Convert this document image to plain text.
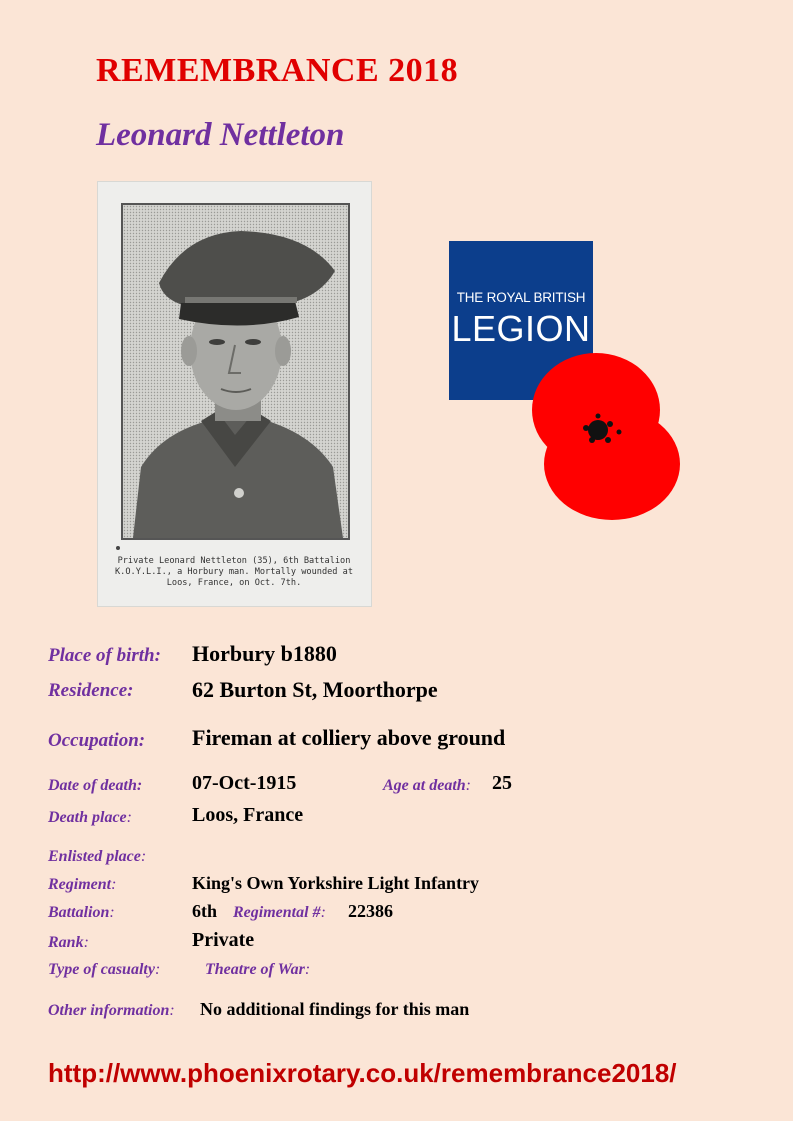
REMEMBRANCE 2018
Leonard Nettleton
Private Leonard Nettleton (35), 6th Battalion K.O.Y.L.I., a Horbury man. Mortally wounded at Loos, France, on Oct. 7th.
THE ROYAL BRITISH
LEGION
Place of birth: Horbury b1880
Residence:	62 Burton St, Moorthorpe
Occupation: Fireman at colliery above ground
Date of death: 07-Oct-1915	Age at death: 25
Death place:	Loos, France
Enlisted place:
Regiment:	King's Own Yorkshire Light Infantry
Battalion:	6th Regimental #: 22386
Rank:	Private
Type of casualty:	Theatre of War:
Other information: No additional findings for this man
http://www.phoenixrotary.co.uk/remembrance2018/
